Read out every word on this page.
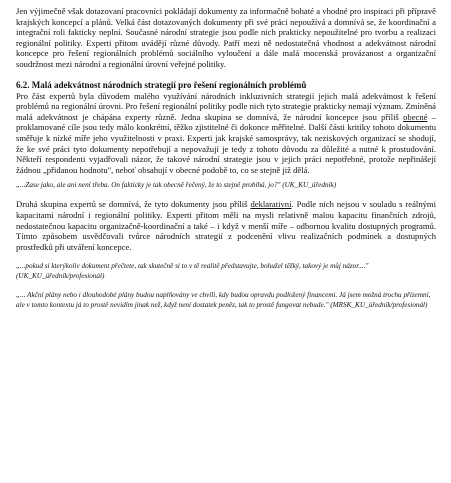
Jen výjimečně však dotazovaní pracovníci pokládají dokumenty za informačně bohaté a vhodné pro inspiraci při přípravě krajských koncepcí a plánů. Velká část dotazovaných dokumenty při své práci nepoužívá a domnívá se, že koordinační a integrační roli fakticky neplní. Současné národní strategie jsou podle nich prakticky nepoužitelné pro tvorbu a realizaci regionální politiky. Experti přitom uvádějí různé důvody. Patří mezi ně nedostatečná vhodnost a adekvátnost národní koncepce pro řešení regionálních problémů sociálního vyloučení a dále malá mocenská provázanost a organizační soudržnost mezi národní a regionální úrovní veřejné politiky.

6.2. Malá adekvátnost národních strategií pro řešení regionálních problémů

Pro část expertů byla důvodem malého využívání národních inkluzivních strategií jejich malá adekvátnost k řešení problémů na regionální úrovni. Pro řešení regionální politiky podle nich tyto strategie prakticky nemají význam. Zmíněná malá adekvátnost je chápána experty různě. Jedna skupina se domnívá, že národní koncepce jsou příliš obecné – proklamované cíle jsou tedy málo konkrétní, těžko zjistitelné či dokonce měřitelné. Další části kritiky tohoto dokumentu směřuje k nízké míře jeho využitelnosti v praxi. Experti jak krajské samosprávy, tak neziskových organizací se shodují, že ke své práci tyto dokumenty nepotřebují a nepovažují je tedy z tohoto důvodu za důležité a nutné k prostudování. Někteří respondenti vyjadřovali názor, že takové národní strategie jsou v jejich práci nepotřebné, protože nepřinášejí žádnou „přidanou hodnotu", neboť obsahují v obecné podobě to, co se stejně již dělá.

„...Zase jako, ale ani není třeba. On fakticky je tak obecně řečený, že to stejně probíhá, jo?" (UK_KU_úředník)

Druhá skupina expertů se domnívá, že tyto dokumenty jsou příliš deklarativní. Podle nich nejsou v souladu s reálnými kapacitami národní i regionální politiky. Experti přitom měli na mysli relativně malou kapacitu finančních zdrojů, nedostatečnou kapacitu organizačně-koordinační a také – i když v menší míře – odbornou kvalitu dostupných programů. Tímto způsobem usvědčovali tvůrce národních strategií z podcenění vlivu realizačních podmínek a dostupných prostředků při utváření koncepce.

„...pokud si kterýkoliv dokument přečtete, tak skutečně si to v tě realitě představujte, bohužel těžký, takový je můj názor...." (UK_KU_úředník/profesionál)

„... Akční plány nebo i dlouhodobé plány budou naplňovány ve chvíli, kdy budou opravdu podložený financemi. Já jsem možná trochu přízemní, ale v tomto kontextu já to prostě nevidím jinak než, když není dostatek peněz, tak to prostě fungovat nebude." (MRSK_KU_úředník/profesionál)
